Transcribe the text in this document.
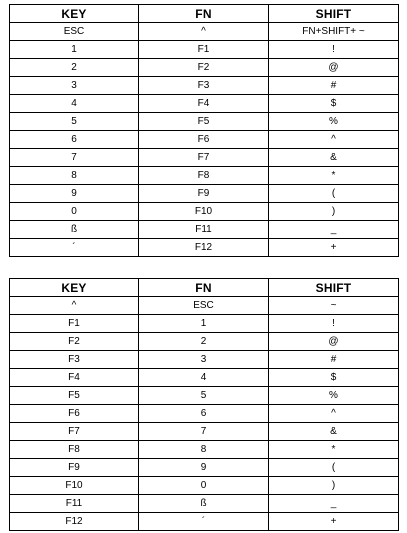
KEY	FN	SHIFT
ESC	^	FN+SHIFT+ ~
1	F1	!
2	F2	@
3	F3	#
4	F4	$
5	F5	%
6	F6	^
7	F7	&
8	F8	*
9	F9	(
0	F10	)
ß	F11	_
´	F12	+
KEY	FN	SHIFT
^	ESC	~
F1	1	!
F2	2	@
F3	3	#
F4	4	$
F5	5	%
F6	6	^
F7	7	&
F8	8	*
F9	9	(
F10	0	)
F11	ß	_
F12	´	+
